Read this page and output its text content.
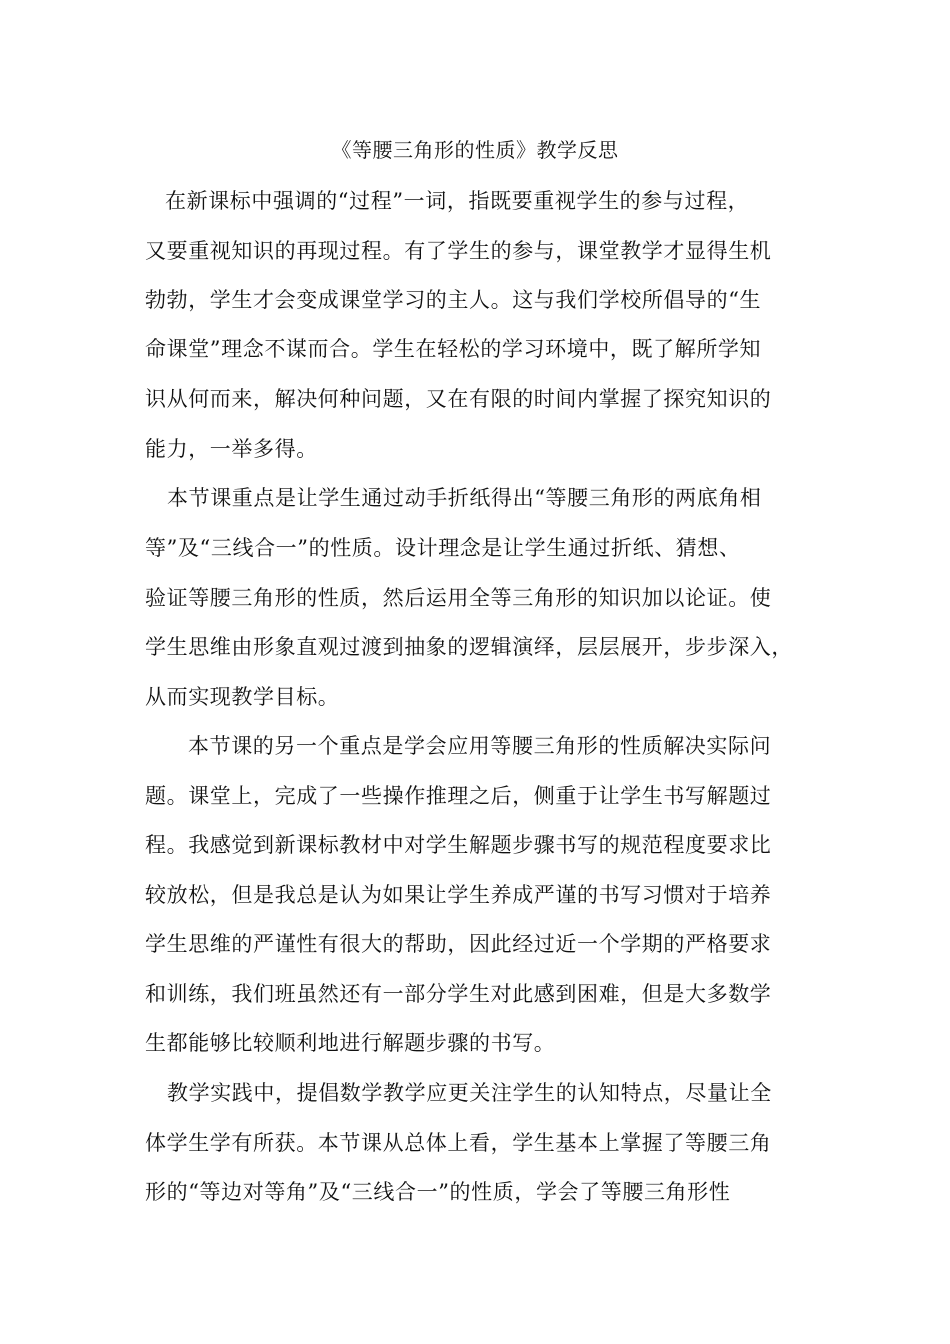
《等腰三角形的性质》教学反思
在新课标中强调的“过程”一词，指既要重视学生的参与过程，
又要重视知识的再现过程。有了学生的参与，课堂教学才显得生机
勃勃，学生才会变成课堂学习的主人。这与我们学校所倡导的“生
命课堂”理念不谋而合。学生在轻松的学习环境中，既了解所学知
识从何而来，解决何种问题，又在有限的时间内掌握了探究知识的
能力，一举多得。
本节课重点是让学生通过动手折纸得出“等腰三角形的两底角相
等”及“三线合一”的性质。设计理念是让学生通过折纸、猜想、
验证等腰三角形的性质，然后运用全等三角形的知识加以论证。使
学生思维由形象直观过渡到抽象的逻辑演绎，层层展开，步步深入，
从而实现教学目标。
本节课的另一个重点是学会应用等腰三角形的性质解决实际问
题。课堂上，完成了一些操作推理之后，侧重于让学生书写解题过
程。我感觉到新课标教材中对学生解题步骤书写的规范程度要求比
较放松，但是我总是认为如果让学生养成严谨的书写习惯对于培养
学生思维的严谨性有很大的帮助，因此经过近一个学期的严格要求
和训练，我们班虽然还有一部分学生对此感到困难，但是大多数学
生都能够比较顺利地进行解题步骤的书写。
教学实践中，提倡数学教学应更关注学生的认知特点，尽量让全
体学生学有所获。本节课从总体上看，学生基本上掌握了等腰三角
形的“等边对等角”及“三线合一”的性质，学会了等腰三角形性
